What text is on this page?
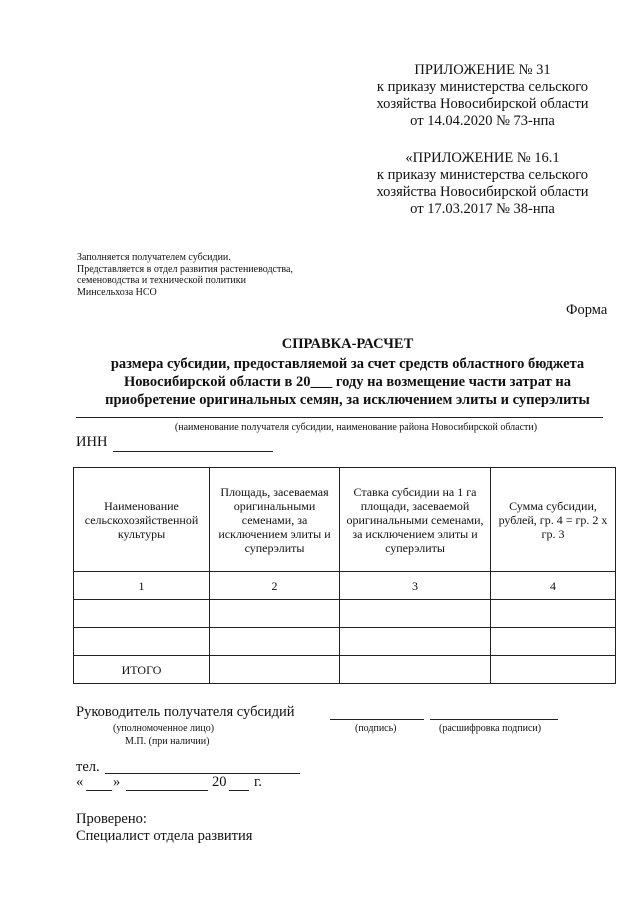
ПРИЛОЖЕНИЕ № 31
к приказу министерства сельского
хозяйства Новосибирской области
от 14.04.2020 № 73-нпа
«ПРИЛОЖЕНИЕ № 16.1
к приказу министерства сельского
хозяйства Новосибирской области
от 17.03.2017 № 38-нпа
Заполняется получателем субсидии.
Представляется в отдел развития растениеводства,
семеноводства и технической политики
Минсельхоза НСО
Форма
СПРАВКА-РАСЧЕТ
размера субсидии, предоставляемой за счет средств областного бюджета
Новосибирской области в 20___ году на возмещение части затрат на
приобретение оригинальных семян, за исключением элиты и суперэлиты
(наименование получателя субсидии, наименование района Новосибирской области)
ИНН
Наименование сельскохозяйственной культуры	Площадь, засеваемая оригинальными семенами, за исключением элиты и суперэлиты	Ставка субсидии на 1 га площади, засеваемой оригинальными семенами, за исключением элиты и суперэлиты	Сумма субсидии, рублей, гр. 4 = гр. 2 х гр. 3
1	2	3	4

ИТОГО			
Руководитель получателя субсидий
(уполномоченное лицо)	(подпись)	(расшифровка подписи)
М.П. (при наличии)
тел.
« »	20 г.
Проверено:
Специалист отдела развития
